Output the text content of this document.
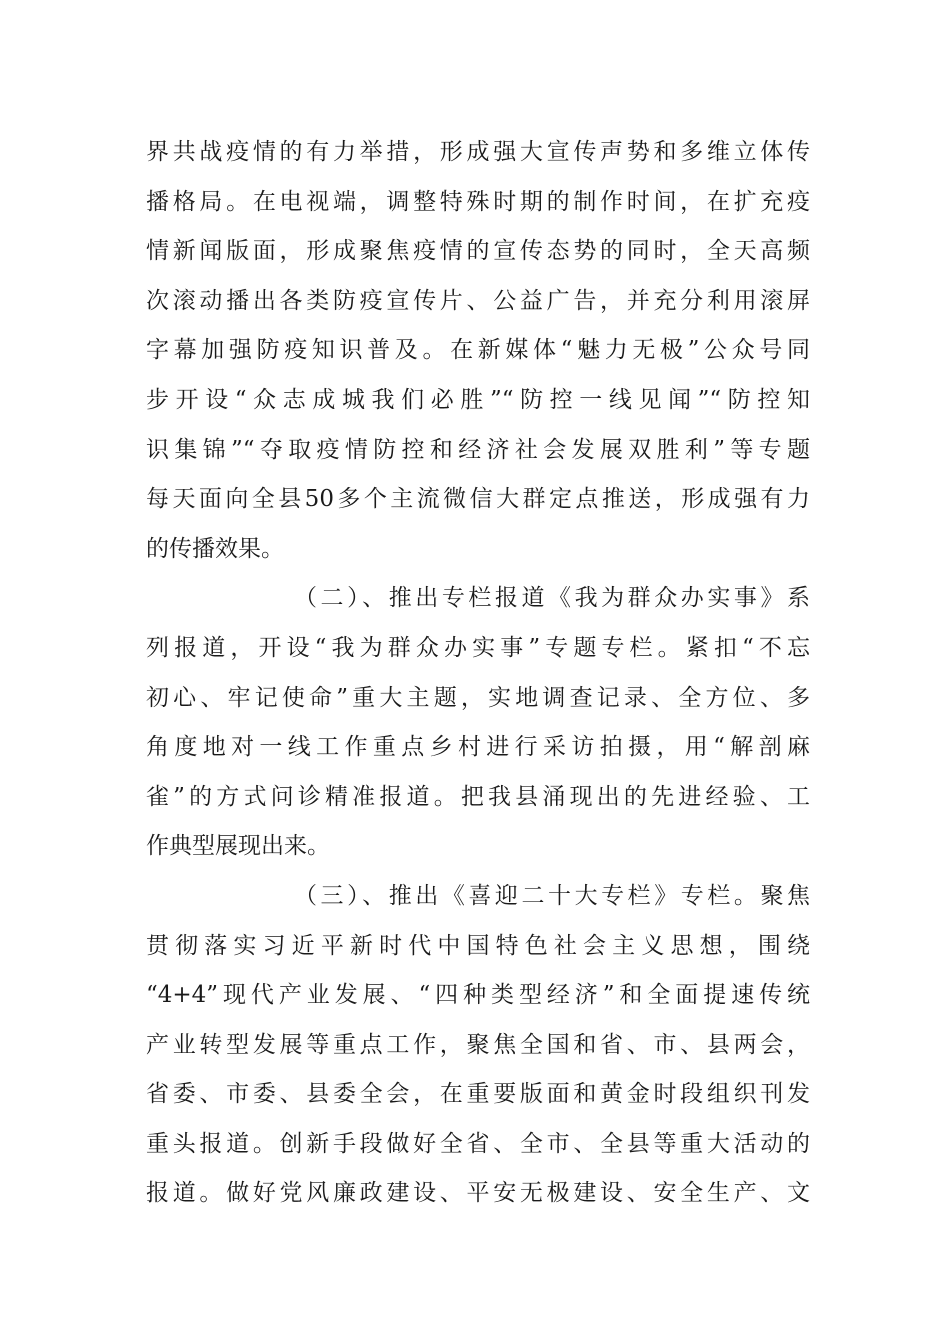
界共战疫情的有力举措，形成强大宣传声势和多维立体传
播格局。在电视端，调整特殊时期的制作时间，在扩充疫
情新闻版面，形成聚焦疫情的宣传态势的同时，全天高频
次滚动播出各类防疫宣传片、公益广告，并充分利用滚屏
字幕加强防疫知识普及。在新媒体“魅力无极”公众号同
步开设“众志成城我们必胜”“防控一线见闻”“防控知
识集锦”“夺取疫情防控和经济社会发展双胜利”等专题
每天面向全县50多个主流微信大群定点推送，形成强有力
的传播效果。
（二）、推出专栏报道《我为群众办实事》系
列报道，开设“我为群众办实事”专题专栏。紧扣“不忘
初心、牢记使命”重大主题，实地调查记录、全方位、多
角度地对一线工作重点乡村进行采访拍摄，用“解剖麻
雀”的方式问诊精准报道。把我县涌现出的先进经验、工
作典型展现出来。
（三）、推出《喜迎二十大专栏》专栏。聚焦
贯彻落实习近平新时代中国特色社会主义思想，围绕
“4+4”现代产业发展、“四种类型经济”和全面提速传统
产业转型发展等重点工作，聚焦全国和省、市、县两会，
省委、市委、县委全会，在重要版面和黄金时段组织刊发
重头报道。创新手段做好全省、全市、全县等重大活动的
报道。做好党风廉政建设、平安无极建设、安全生产、文
